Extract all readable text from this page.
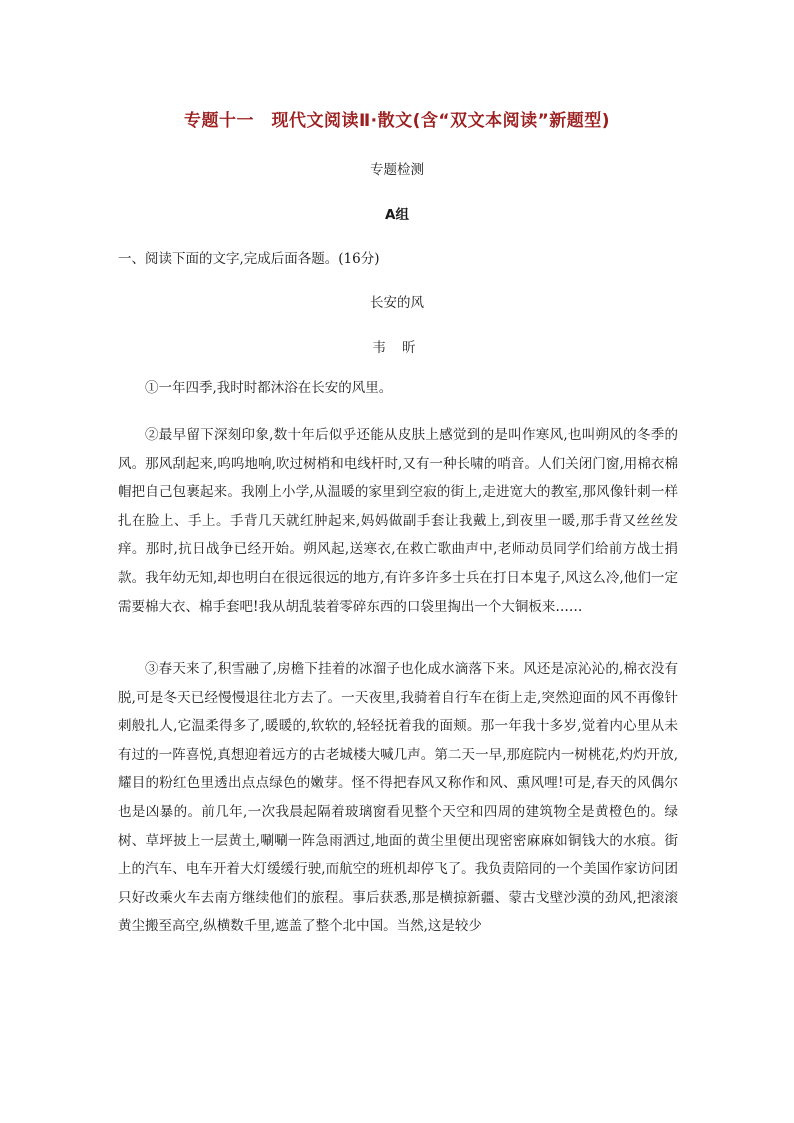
专题十一　现代文阅读Ⅱ·散文(含“双文本阅读”新题型)
专题检测
A组
一、阅读下面的文字,完成后面各题。(16分)
长安的风
韦 昕

①一年四季,我时时都沐浴在长安的风里。

②最早留下深刻印象,数十年后似乎还能从皮肤上感觉到的是叫作寒风,也叫朔风的冬季的风。那风刮起来,呜呜地响,吹过树梢和电线杆时,又有一种长啸的哨音。人们关闭门窗,用棉衣棉帽把自己包裹起来。我刚上小学,从温暖的家里到空寂的街上,走进宽大的教室,那风像针刺一样扎在脸上、手上。手背几天就红肿起来,妈妈做副手套让我戴上,到夜里一暖,那手背又丝丝发痒。那时,抗日战争已经开始。朔风起,送寒衣,在救亡歌曲声中,老师动员同学们给前方战士捐款。我年幼无知,却也明白在很远很远的地方,有许多许多士兵在打日本鬼子,风这么冷,他们一定需要棉大衣、棉手套吧!我从胡乱装着零碎东西的口袋里掏出一个大铜板来……

③春天来了,积雪融了,房檐下挂着的冰溜子也化成水滴落下来。风还是凉沁沁的,棉衣没有脱,可是冬天已经慢慢退往北方去了。一天夜里,我骑着自行车在街上走,突然迎面的风不再像针刺般扎人,它温柔得多了,暖暖的,软软的,轻轻抚着我的面颊。那一年我十多岁,觉着内心里从未有过的一阵喜悦,真想迎着远方的古老城楼大喊几声。第二天一早,那庭院内一树桃花,灼灼开放,耀目的粉红色里透出点点绿色的嫩芽。怪不得把春风又称作和风、熏风哩!可是,春天的风偶尔也是凶暴的。前几年,一次我晨起隔着玻璃窗看见整个天空和四周的建筑物全是黄橙色的。绿树、草坪披上一层黄土,唰唰一阵急雨洒过,地面的黄尘里便出现密密麻麻如铜钱大的水痕。街上的汽车、电车开着大灯缓缓行驶,而航空的班机却停飞了。我负责陪同的一个美国作家访问团只好改乘火车去南方继续他们的旅程。事后获悉,那是横掠新疆、蒙古戈壁沙漠的劲风,把滚滚黄尘搬至高空,纵横数千里,遮盖了整个北中国。当然,这是较少
